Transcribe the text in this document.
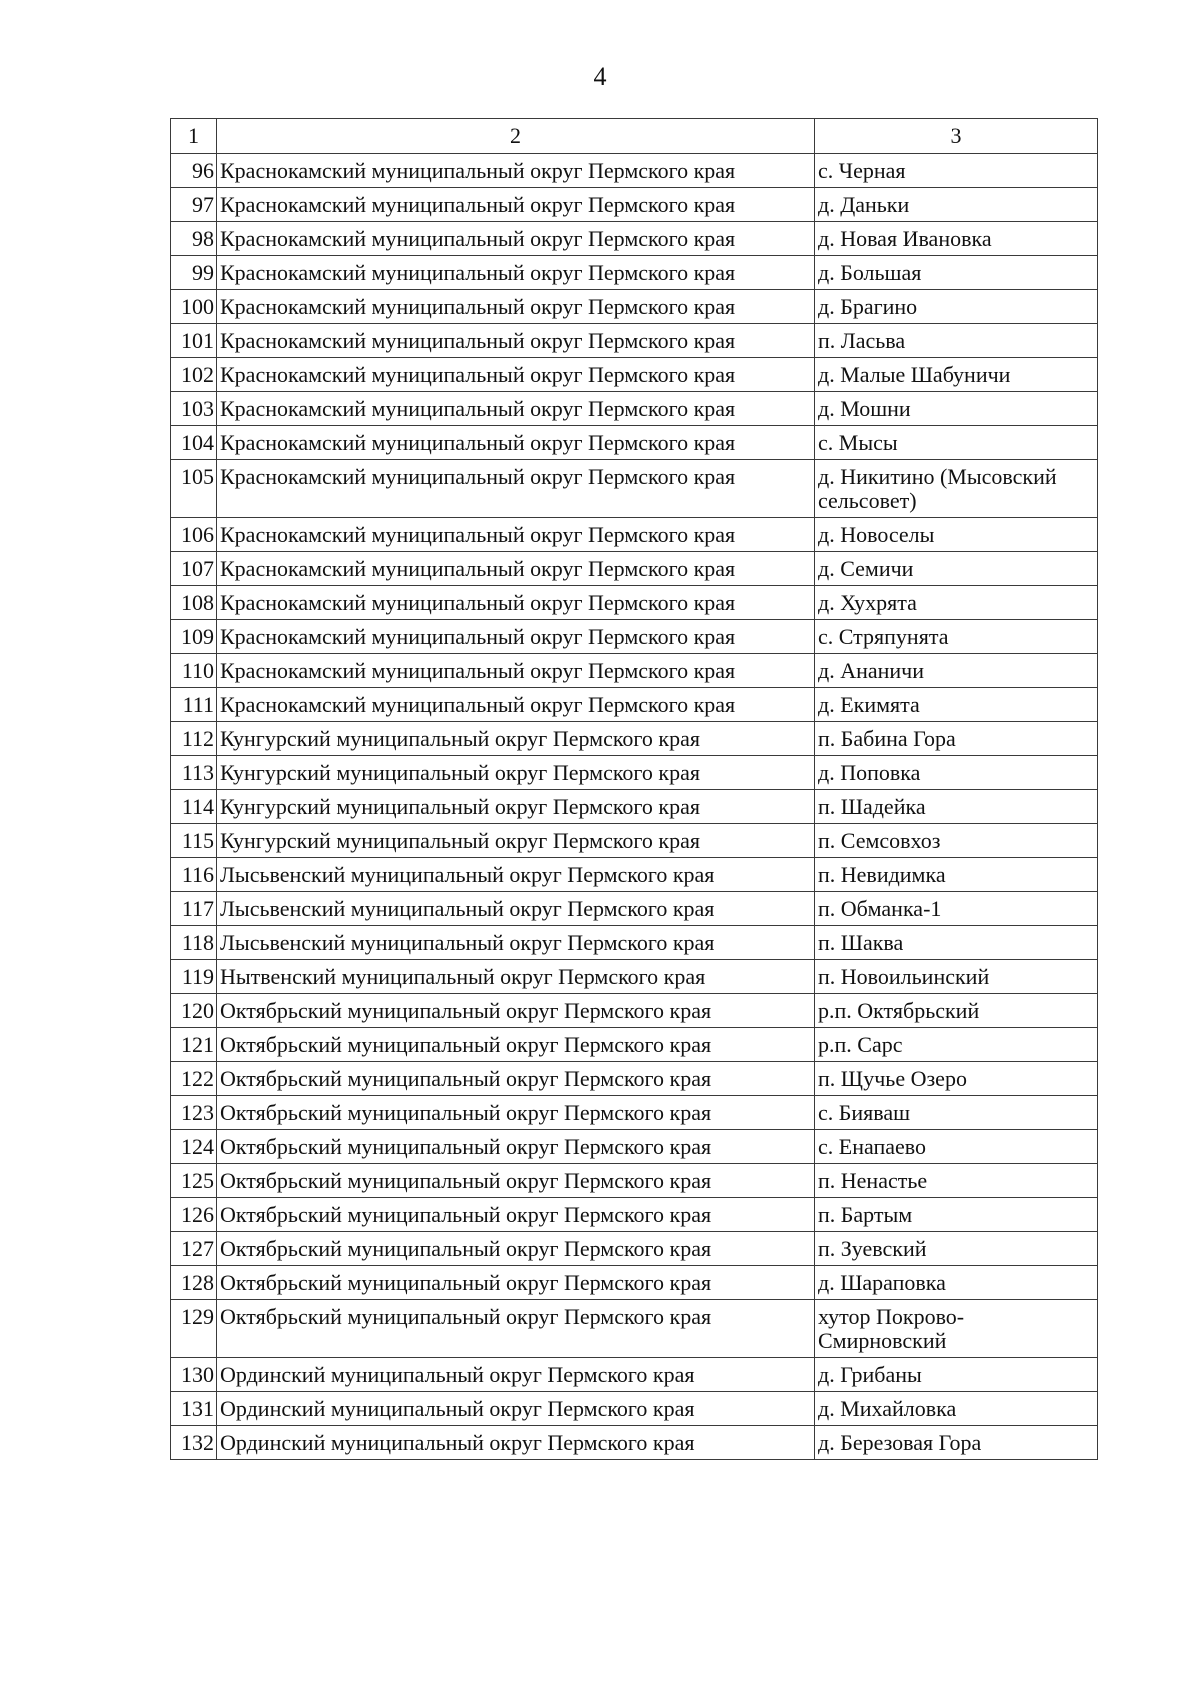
4
1	2	3
96	Краснокамский муниципальный округ Пермского края	с. Черная
97	Краснокамский муниципальный округ Пермского края	д. Даньки
98	Краснокамский муниципальный округ Пермского края	д. Новая Ивановка
99	Краснокамский муниципальный округ Пермского края	д. Большая
100	Краснокамский муниципальный округ Пермского края	д. Брагино
101	Краснокамский муниципальный округ Пермского края	п. Ласьва
102	Краснокамский муниципальный округ Пермского края	д. Малые Шабуничи
103	Краснокамский муниципальный округ Пермского края	д. Мошни
104	Краснокамский муниципальный округ Пермского края	с. Мысы
105	Краснокамский муниципальный округ Пермского края	д. Никитино (Мысовский сельсовет)
106	Краснокамский муниципальный округ Пермского края	д. Новоселы
107	Краснокамский муниципальный округ Пермского края	д. Семичи
108	Краснокамский муниципальный округ Пермского края	д. Хухрята
109	Краснокамский муниципальный округ Пермского края	с. Стряпунята
110	Краснокамский муниципальный округ Пермского края	д. Ананичи
111	Краснокамский муниципальный округ Пермского края	д. Екимята
112	Кунгурский муниципальный округ Пермского края	п. Бабина Гора
113	Кунгурский муниципальный округ Пермского края	д. Поповка
114	Кунгурский муниципальный округ Пермского края	п. Шадейка
115	Кунгурский муниципальный округ Пермского края	п. Семсовхоз
116	Лысьвенский муниципальный округ Пермского края	п. Невидимка
117	Лысьвенский муниципальный округ Пермского края	п. Обманка-1
118	Лысьвенский муниципальный округ Пермского края	п. Шаква
119	Нытвенский муниципальный округ Пермского края	п. Новоильинский
120	Октябрьский муниципальный округ Пермского края	р.п. Октябрьский
121	Октябрьский муниципальный округ Пермского края	р.п. Сарс
122	Октябрьский муниципальный округ Пермского края	п. Щучье Озеро
123	Октябрьский муниципальный округ Пермского края	с. Бияваш
124	Октябрьский муниципальный округ Пермского края	с. Енапаево
125	Октябрьский муниципальный округ Пермского края	п. Ненастье
126	Октябрьский муниципальный округ Пермского края	п. Бартым
127	Октябрьский муниципальный округ Пермского края	п. Зуевский
128	Октябрьский муниципальный округ Пермского края	д. Шараповка
129	Октябрьский муниципальный округ Пермского края	хутор Покрово-Смирновский
130	Ординский муниципальный округ Пермского края	д. Грибаны
131	Ординский муниципальный округ Пермского края	д. Михайловка
132	Ординский муниципальный округ Пермского края	д. Березовая Гора
